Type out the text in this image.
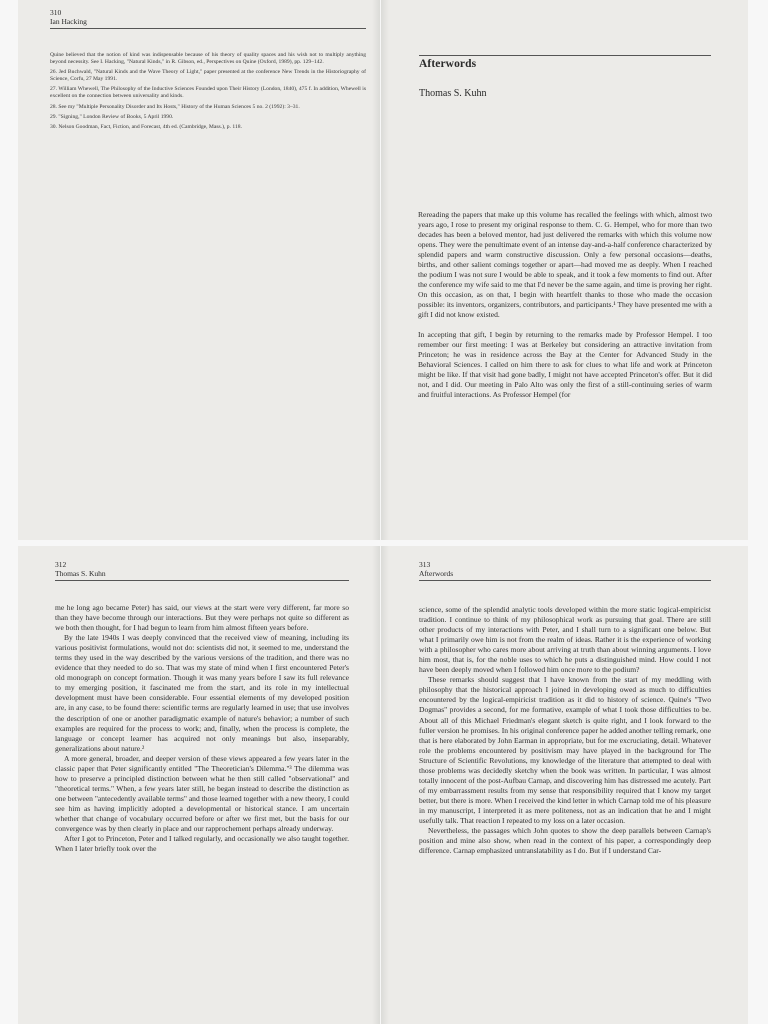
310
Ian Hacking

Quine believed that the notion of kind was indispensable because of his theory of quality spaces and his wish not to multiply anything beyond necessity. See I. Hacking, "Natural Kinds," in R. Gibson, ed., Perspectives on Quine (Oxford, 1989), pp. 129–142.

26. Jed Buchwald, "Natural Kinds and the Wave Theory of Light," paper presented at the conference New Trends in the Historiography of Science, Corfu, 27 May 1991.

27. William Whewell, The Philosophy of the Inductive Sciences Founded upon Their History (London, 1840), 475 f. In addition, Whewell is excellent on the connection between universality and kinds.

28. See my "Multiple Personality Disorder and Its Hosts," History of the Human Sciences 5 no. 2 (1992): 3–31.

29. "Signing," London Review of Books, 5 April 1990.

30. Nelson Goodman, Fact, Fiction, and Forecast, 4th ed. (Cambridge, Mass.), p. 118.

Afterwords
Thomas S. Kuhn

Rereading the papers that make up this volume has recalled the feelings with which, almost two years ago, I rose to present my original response to them. C. G. Hempel, who for more than two decades has been a beloved mentor, had just delivered the remarks with which this volume now opens. They were the penultimate event of an intense day-and-a-half conference characterized by splendid papers and warm constructive discussion. Only a few personal occasions—deaths, births, and other salient comings together or apart—had moved me as deeply. When I reached the podium I was not sure I would be able to speak, and it took a few moments to find out. After the conference my wife said to me that I'd never be the same again, and time is proving her right. On this occasion, as on that, I begin with heartfelt thanks to those who made the occasion possible: its inventors, organizers, contributors, and participants.¹ They have presented me with a gift I did not know existed.

In accepting that gift, I begin by returning to the remarks made by Professor Hempel. I too remember our first meeting: I was at Berkeley but considering an attractive invitation from Princeton; he was in residence across the Bay at the Center for Advanced Study in the Behavioral Sciences. I called on him there to ask for clues to what life and work at Princeton might be like. If that visit had gone badly, I might not have accepted Princeton's offer. But it did not, and I did. Our meeting in Palo Alto was only the first of a still-continuing series of warm and fruitful interactions. As Professor Hempel (for

312
Thomas S. Kuhn

me he long ago became Peter) has said, our views at the start were very different, far more so than they have become through our interactions. But they were perhaps not quite so different as we both then thought, for I had begun to learn from him almost fifteen years before.

By the late 1940s I was deeply convinced that the received view of meaning, including its various positivist formulations, would not do: scientists did not, it seemed to me, understand the terms they used in the way described by the various versions of the tradition, and there was no evidence that they needed to do so. That was my state of mind when I first encountered Peter's old monograph on concept formation. Though it was many years before I saw its full relevance to my emerging position, it fascinated me from the start, and its role in my intellectual development must have been considerable. Four essential elements of my developed position are, in any case, to be found there: scientific terms are regularly learned in use; that use involves the description of one or another paradigmatic example of nature's behavior; a number of such examples are required for the process to work; and, finally, when the process is complete, the language or concept learner has acquired not only meanings but also, inseparably, generalizations about nature.²

A more general, broader, and deeper version of these views appeared a few years later in the classic paper that Peter significantly entitled "The Theoretician's Dilemma."³ The dilemma was how to preserve a principled distinction between what he then still called "observational" and "theoretical terms." When, a few years later still, he began instead to describe the distinction as one between "antecedently available terms" and those learned together with a new theory, I could see him as having implicitly adopted a developmental or historical stance. I am uncertain whether that change of vocabulary occurred before or after we first met, but the basis for our convergence was by then clearly in place and our rapprochement perhaps already underway.

After I got to Princeton, Peter and I talked regularly, and occasionally we also taught together. When I later briefly took over the

313
Afterwords

science, some of the splendid analytic tools developed within the more static logical-empiricist tradition. I continue to think of my philosophical work as pursuing that goal. There are still other products of my interactions with Peter, and I shall turn to a significant one below. But what I primarily owe him is not from the realm of ideas. Rather it is the experience of working with a philosopher who cares more about arriving at truth than about winning arguments. I love him most, that is, for the noble uses to which he puts a distinguished mind. How could I not have been deeply moved when I followed him once more to the podium?

These remarks should suggest that I have known from the start of my meddling with philosophy that the historical approach I joined in developing owed as much to difficulties encountered by the logical-empiricist tradition as it did to history of science. Quine's "Two Dogmas" provides a second, for me formative, example of what I took those difficulties to be. About all of this Michael Friedman's elegant sketch is quite right, and I look forward to the fuller version he promises. In his original conference paper he added another telling remark, one that is here elaborated by John Earman in appropriate, but for me excruciating, detail. Whatever role the problems encountered by positivism may have played in the background for The Structure of Scientific Revolutions, my knowledge of the literature that attempted to deal with those problems was decidedly sketchy when the book was written. In particular, I was almost totally innocent of the post-Aufbau Carnap, and discovering him has distressed me acutely. Part of my embarrassment results from my sense that responsibility required that I know my target better, but there is more. When I received the kind letter in which Carnap told me of his pleasure in my manuscript, I interpreted it as mere politeness, not as an indication that he and I might usefully talk. That reaction I repeated to my loss on a later occasion.

Nevertheless, the passages which John quotes to show the deep parallels between Carnap's position and mine also show, when read in the context of his paper, a correspondingly deep difference. Carnap emphasized untranslatability as I do. But if I understand Car-
